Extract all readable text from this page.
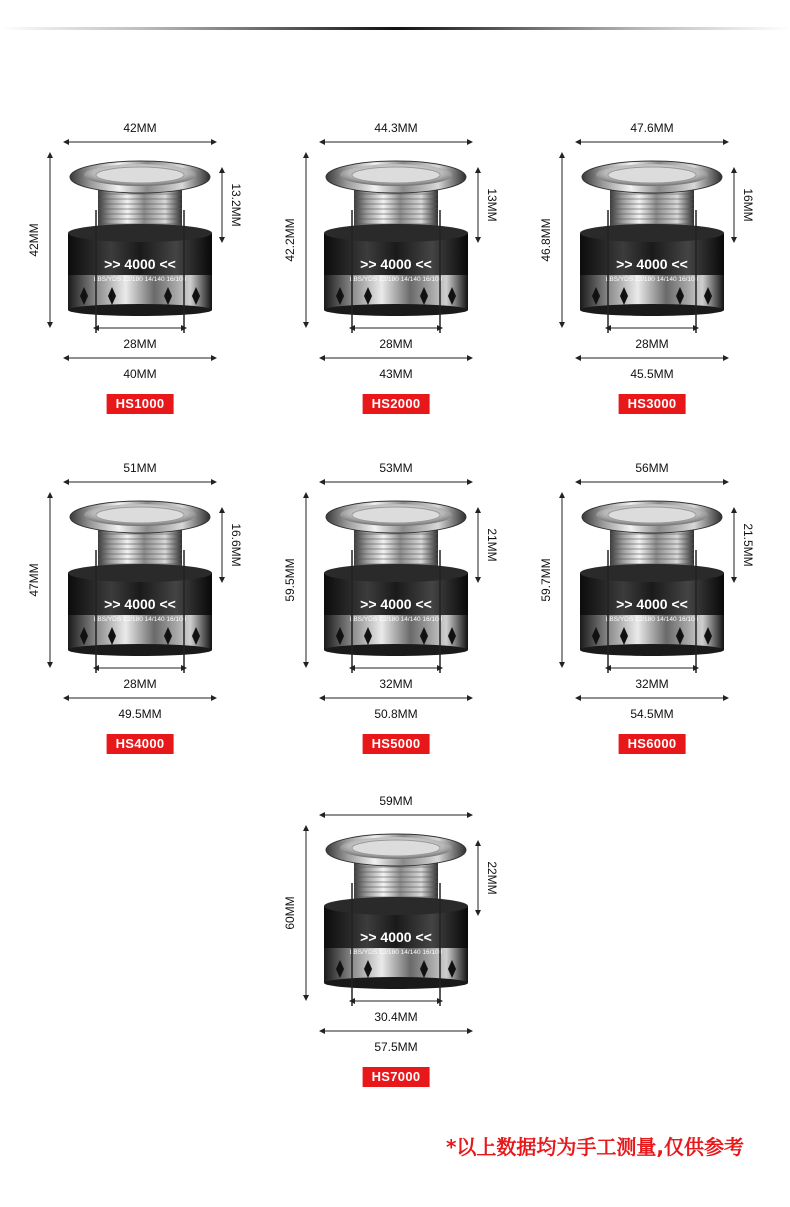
>> 4000 <<
LBS/YDS 12/180 14/140 16/100
42MM
28MM
40MM
42MM
13.2MM
HS1000
>> 4000 <<
LBS/YDS 12/180 14/140 16/100
44.3MM
28MM
43MM
42.2MM
13MM
HS2000
>> 4000 <<
LBS/YDS 12/180 14/140 16/100
47.6MM
28MM
45.5MM
46.8MM
16MM
HS3000
>> 4000 <<
LBS/YDS 12/180 14/140 16/100
51MM
28MM
49.5MM
47MM
16.6MM
HS4000
>> 4000 <<
LBS/YDS 12/180 14/140 16/100
53MM
32MM
50.8MM
59.5MM
21MM
HS5000
>> 4000 <<
LBS/YDS 12/180 14/140 16/100
56MM
32MM
54.5MM
59.7MM
21.5MM
HS6000
>> 4000 <<
LBS/YDS 12/180 14/140 16/100
59MM
30.4MM
57.5MM
60MM
22MM
HS7000
*以上数据均为手工测量,仅供参考
